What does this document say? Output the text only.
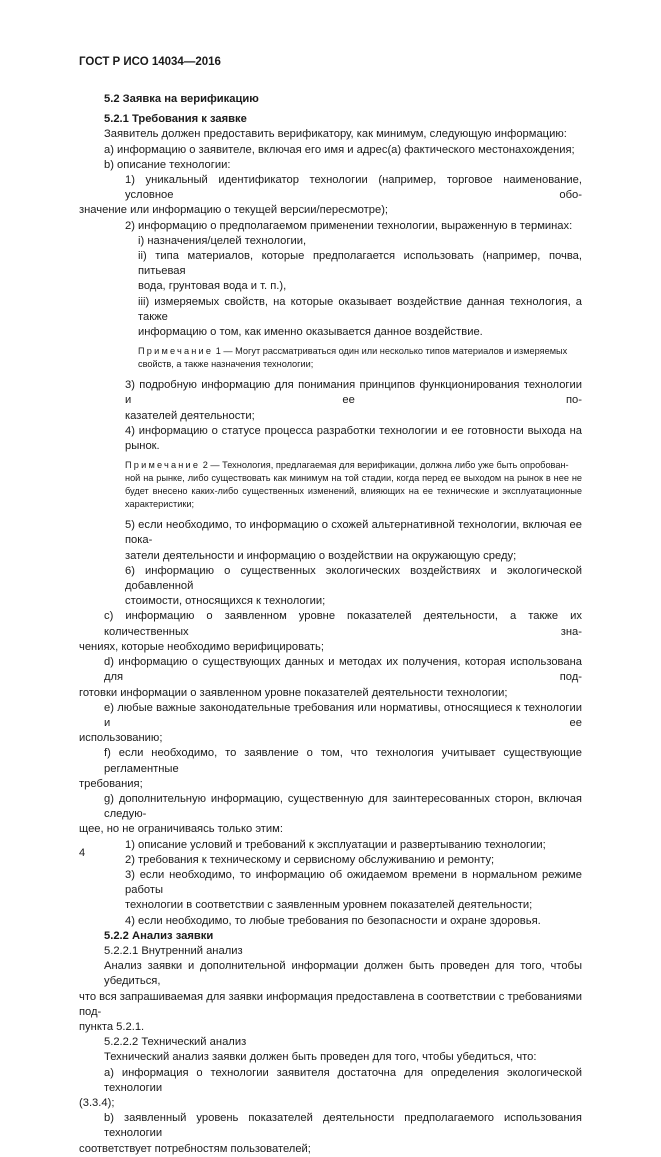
ГОСТ Р ИСО 14034—2016

5.2 Заявка на верификацию

5.2.1 Требования к заявке

Заявитель должен предоставить верификатору, как минимум, следующую информацию:

a) информацию о заявителе, включая его имя и адрес(а) фактического местонахождения;

b) описание технологии:

1) уникальный идентификатор технологии (например, торговое наименование, условное обо-

значение или информацию о текущей версии/пересмотре);

2) информацию о предполагаемом применении технологии, выраженную в терминах:

i) назначения/целей технологии,

ii) типа материалов, которые предполагается использовать (например, почва, питьевая

вода, грунтовая вода и т. п.),

iii) измеряемых свойств, на которые оказывает воздействие данная технология, а также

информацию о том, как именно оказывается данное воздействие.

Примечание 1 — Могут рассматриваться один или несколько типов материалов и измеряемых

свойств, а также назначения технологии;

3) подробную информацию для понимания принципов функционирования технологии и ее по-

казателей деятельности;

4) информацию о статусе процесса разработки технологии и ее готовности выхода на рынок.

Примечание 2 — Технология, предлагаемая для верификации, должна либо уже быть опробован-

ной на рынке, либо существовать как минимум на той стадии, когда перед ее выходом на рынок в нее не

будет внесено каких-либо существенных изменений, влияющих на ее технические и эксплуатационные

характеристики;

5) если необходимо, то информацию о схожей альтернативной технологии, включая ее пока-

затели деятельности и информацию о воздействии на окружающую среду;

6) информацию о существенных экологических воздействиях и экологической добавленной

стоимости, относящихся к технологии;

c) информацию о заявленном уровне показателей деятельности, а также их количественных зна-

чениях, которые необходимо верифицировать;

d) информацию о существующих данных и методах их получения, которая использована для под-

готовки информации о заявленном уровне показателей деятельности технологии;

e) любые важные законодательные требования или нормативы, относящиеся к технологии и ее

использованию;

f) если необходимо, то заявление о том, что технология учитывает существующие регламентные

требования;

g) дополнительную информацию, существенную для заинтересованных сторон, включая следую-

щее, но не ограничиваясь только этим:

1) описание условий и требований к эксплуатации и развертыванию технологии;

2) требования к техническому и сервисному обслуживанию и ремонту;

3) если необходимо, то информацию об ожидаемом времени в нормальном режиме работы

технологии в соответствии с заявленным уровнем показателей деятельности;

4) если необходимо, то любые требования по безопасности и охране здоровья.

5.2.2 Анализ заявки

5.2.2.1 Внутренний анализ

Анализ заявки и дополнительной информации должен быть проведен для того, чтобы убедиться,

что вся запрашиваемая для заявки информация предоставлена в соответствии с требованиями под-

пункта 5.2.1.

5.2.2.2 Технический анализ

Технический анализ заявки должен быть проведен для того, чтобы убедиться, что:

a) информация о технологии заявителя достаточна для определения экологической технологии

(3.3.4);

b) заявленный уровень показателей деятельности предполагаемого использования технологии

соответствует потребностям пользователей;

4
